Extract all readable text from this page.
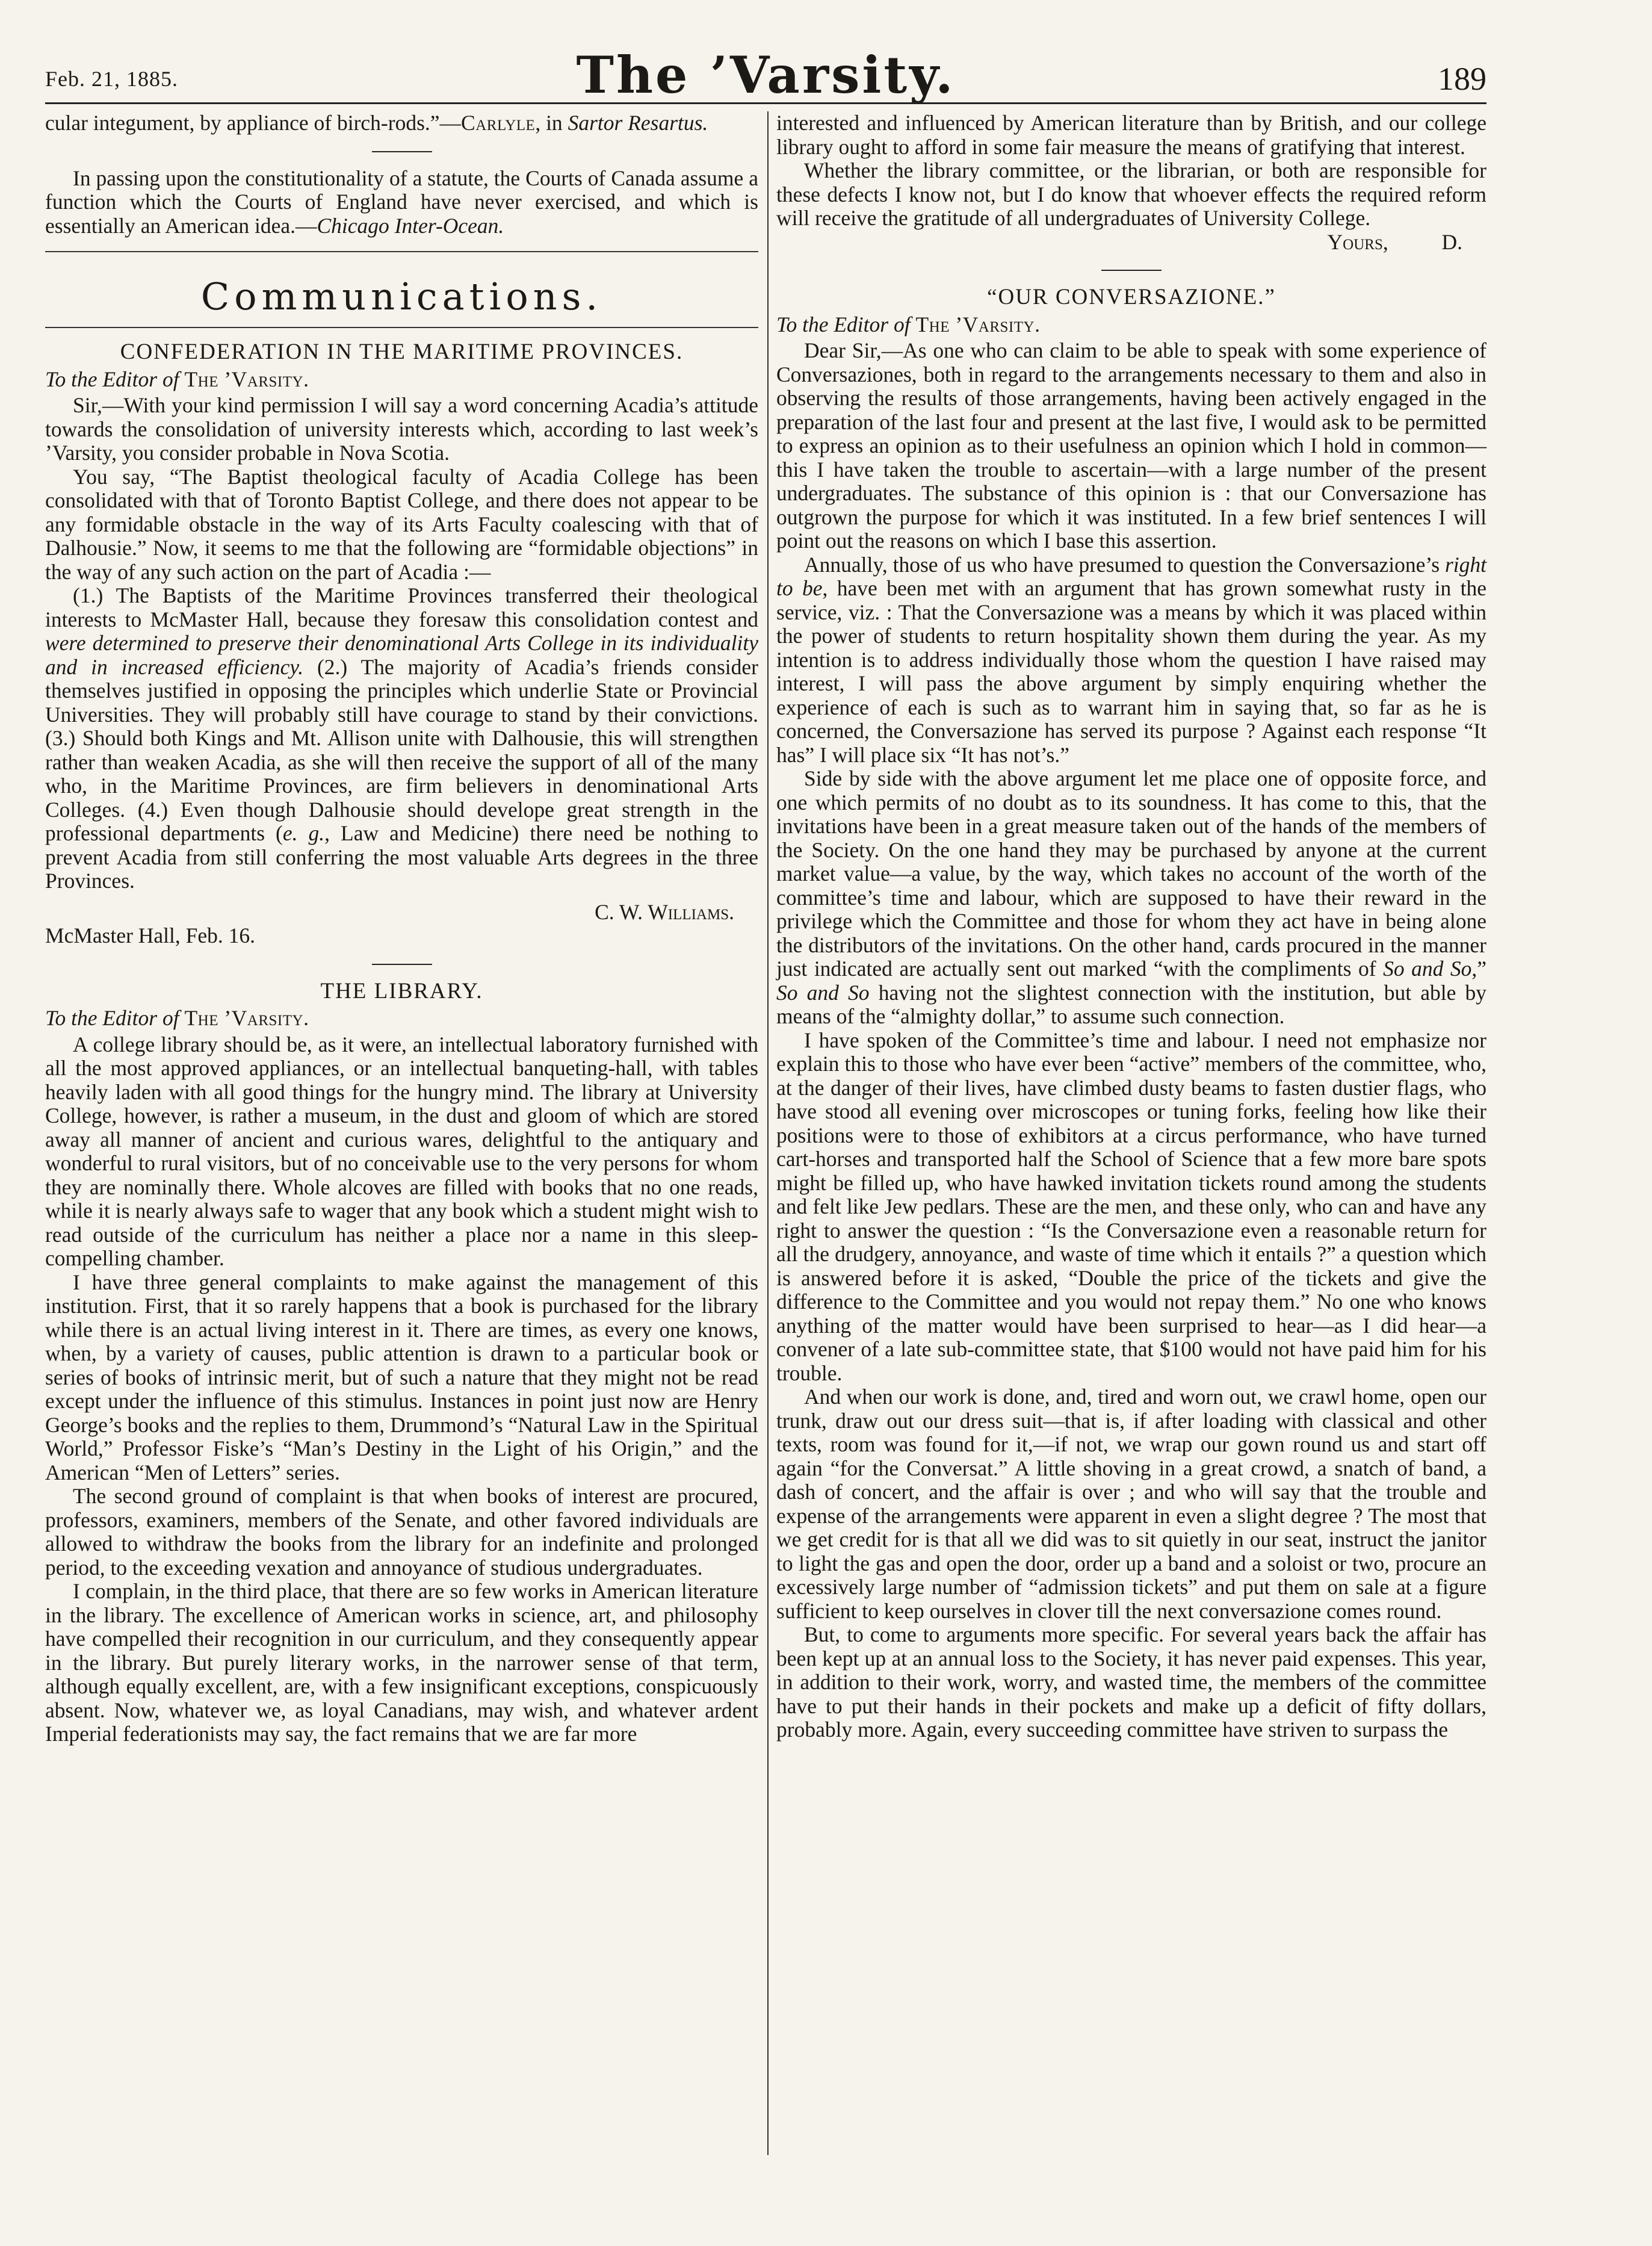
Feb. 21, 1885.	The ’Varsity.	189

cular integument, by appliance of birch-rods.”—Carlyle, in Sartor Resartus.

In passing upon the constitutionality of a statute, the Courts of Canada assume a function which the Courts of England have never exercised, and which is essentially an American idea.—Chicago Inter-Ocean.

Communications.
CONFEDERATION IN THE MARITIME PROVINCES.

To the Editor of The ’Varsity.

Sir,—With your kind permission I will say a word concerning Acadia’s attitude towards the consolidation of university interests which, according to last week’s ’Varsity, you consider probable in Nova Scotia.

You say, “The Baptist theological faculty of Acadia College has been consolidated with that of Toronto Baptist College, and there does not appear to be any formidable obstacle in the way of its Arts Faculty coalescing with that of Dalhousie.” Now, it seems to me that the following are “formidable objections” in the way of any such action on the part of Acadia :—

(1.) The Baptists of the Maritime Provinces transferred their theological interests to McMaster Hall, because they foresaw this consolidation contest and were determined to preserve their denominational Arts College in its individuality and in increased efficiency. (2.) The majority of Acadia’s friends consider themselves justified in opposing the principles which underlie State or Provincial Universities. They will probably still have courage to stand by their convictions. (3.) Should both Kings and Mt. Allison unite with Dalhousie, this will strengthen rather than weaken Acadia, as she will then receive the support of all of the many who, in the Maritime Provinces, are firm believers in denominational Arts Colleges. (4.) Even though Dalhousie should develope great strength in the professional departments (e. g., Law and Medicine) there need be nothing to prevent Acadia from still conferring the most valuable Arts degrees in the three Provinces.

C. W. Williams.

McMaster Hall, Feb. 16.

THE LIBRARY.

To the Editor of The ’Varsity.

A college library should be, as it were, an intellectual laboratory furnished with all the most approved appliances, or an intellectual banqueting-hall, with tables heavily laden with all good things for the hungry mind. The library at University College, however, is rather a museum, in the dust and gloom of which are stored away all manner of ancient and curious wares, delightful to the antiquary and wonderful to rural visitors, but of no conceivable use to the very persons for whom they are nominally there. Whole alcoves are filled with books that no one reads, while it is nearly always safe to wager that any book which a student might wish to read outside of the curriculum has neither a place nor a name in this sleep-compelling chamber.

I have three general complaints to make against the management of this institution. First, that it so rarely happens that a book is purchased for the library while there is an actual living interest in it. There are times, as every one knows, when, by a variety of causes, public attention is drawn to a particular book or series of books of intrinsic merit, but of such a nature that they might not be read except under the influence of this stimulus. Instances in point just now are Henry George’s books and the replies to them, Drummond’s “Natural Law in the Spiritual World,” Professor Fiske’s “Man’s Destiny in the Light of his Origin,” and the American “Men of Letters” series.

The second ground of complaint is that when books of interest are procured, professors, examiners, members of the Senate, and other favored individuals are allowed to withdraw the books from the library for an indefinite and prolonged period, to the exceeding vexation and annoyance of studious undergraduates.

I complain, in the third place, that there are so few works in American literature in the library. The excellence of American works in science, art, and philosophy have compelled their recognition in our curriculum, and they consequently appear in the library. But purely literary works, in the narrower sense of that term, although equally excellent, are, with a few insignificant exceptions, conspicuously absent. Now, whatever we, as loyal Canadians, may wish, and whatever ardent Imperial federationists may say, the fact remains that we are far more

interested and influenced by American literature than by British, and our college library ought to afford in some fair measure the means of gratifying that interest.

Whether the library committee, or the librarian, or both are responsible for these defects I know not, but I do know that whoever effects the required reform will receive the gratitude of all undergraduates of University College.

Yours,          D.

“OUR CONVERSAZIONE.”

To the Editor of The ’Varsity.

Dear Sir,—As one who can claim to be able to speak with some experience of Conversaziones, both in regard to the arrangements necessary to them and also in observing the results of those arrangements, having been actively engaged in the preparation of the last four and present at the last five, I would ask to be permitted to express an opinion as to their usefulness an opinion which I hold in common—this I have taken the trouble to ascertain—with a large number of the present undergraduates. The substance of this opinion is : that our Conversazione has outgrown the purpose for which it was instituted. In a few brief sentences I will point out the reasons on which I base this assertion.

Annually, those of us who have presumed to question the Conversazione’s right to be, have been met with an argument that has grown somewhat rusty in the service, viz. : That the Conversazione was a means by which it was placed within the power of students to return hospitality shown them during the year. As my intention is to address individually those whom the question I have raised may interest, I will pass the above argument by simply enquiring whether the experience of each is such as to warrant him in saying that, so far as he is concerned, the Conversazione has served its purpose ? Against each response “It has” I will place six “It has not’s.”

Side by side with the above argument let me place one of opposite force, and one which permits of no doubt as to its soundness. It has come to this, that the invitations have been in a great measure taken out of the hands of the members of the Society. On the one hand they may be purchased by anyone at the current market value—a value, by the way, which takes no account of the worth of the committee’s time and labour, which are supposed to have their reward in the privilege which the Committee and those for whom they act have in being alone the distributors of the invitations. On the other hand, cards procured in the manner just indicated are actually sent out marked “with the compliments of So and So,” So and So having not the slightest connection with the institution, but able by means of the “almighty dollar,” to assume such connection.

I have spoken of the Committee’s time and labour. I need not emphasize nor explain this to those who have ever been “active” members of the committee, who, at the danger of their lives, have climbed dusty beams to fasten dustier flags, who have stood all evening over microscopes or tuning forks, feeling how like their positions were to those of exhibitors at a circus performance, who have turned cart-horses and transported half the School of Science that a few more bare spots might be filled up, who have hawked invitation tickets round among the students and felt like Jew pedlars. These are the men, and these only, who can and have any right to answer the question : “Is the Conversazione even a reasonable return for all the drudgery, annoyance, and waste of time which it entails ?” a question which is answered before it is asked, “Double the price of the tickets and give the difference to the Committee and you would not repay them.” No one who knows anything of the matter would have been surprised to hear—as I did hear—a convener of a late sub-committee state, that $100 would not have paid him for his trouble.

And when our work is done, and, tired and worn out, we crawl home, open our trunk, draw out our dress suit—that is, if after loading with classical and other texts, room was found for it,—if not, we wrap our gown round us and start off again “for the Conversat.” A little shoving in a great crowd, a snatch of band, a dash of concert, and the affair is over ; and who will say that the trouble and expense of the arrangements were apparent in even a slight degree ? The most that we get credit for is that all we did was to sit quietly in our seat, instruct the janitor to light the gas and open the door, order up a band and a soloist or two, procure an excessively large number of “admission tickets” and put them on sale at a figure sufficient to keep ourselves in clover till the next conversazione comes round.

But, to come to arguments more specific. For several years back the affair has been kept up at an annual loss to the Society, it has never paid expenses. This year, in addition to their work, worry, and wasted time, the members of the committee have to put their hands in their pockets and make up a deficit of fifty dollars, probably more. Again, every succeeding committee have striven to surpass the
